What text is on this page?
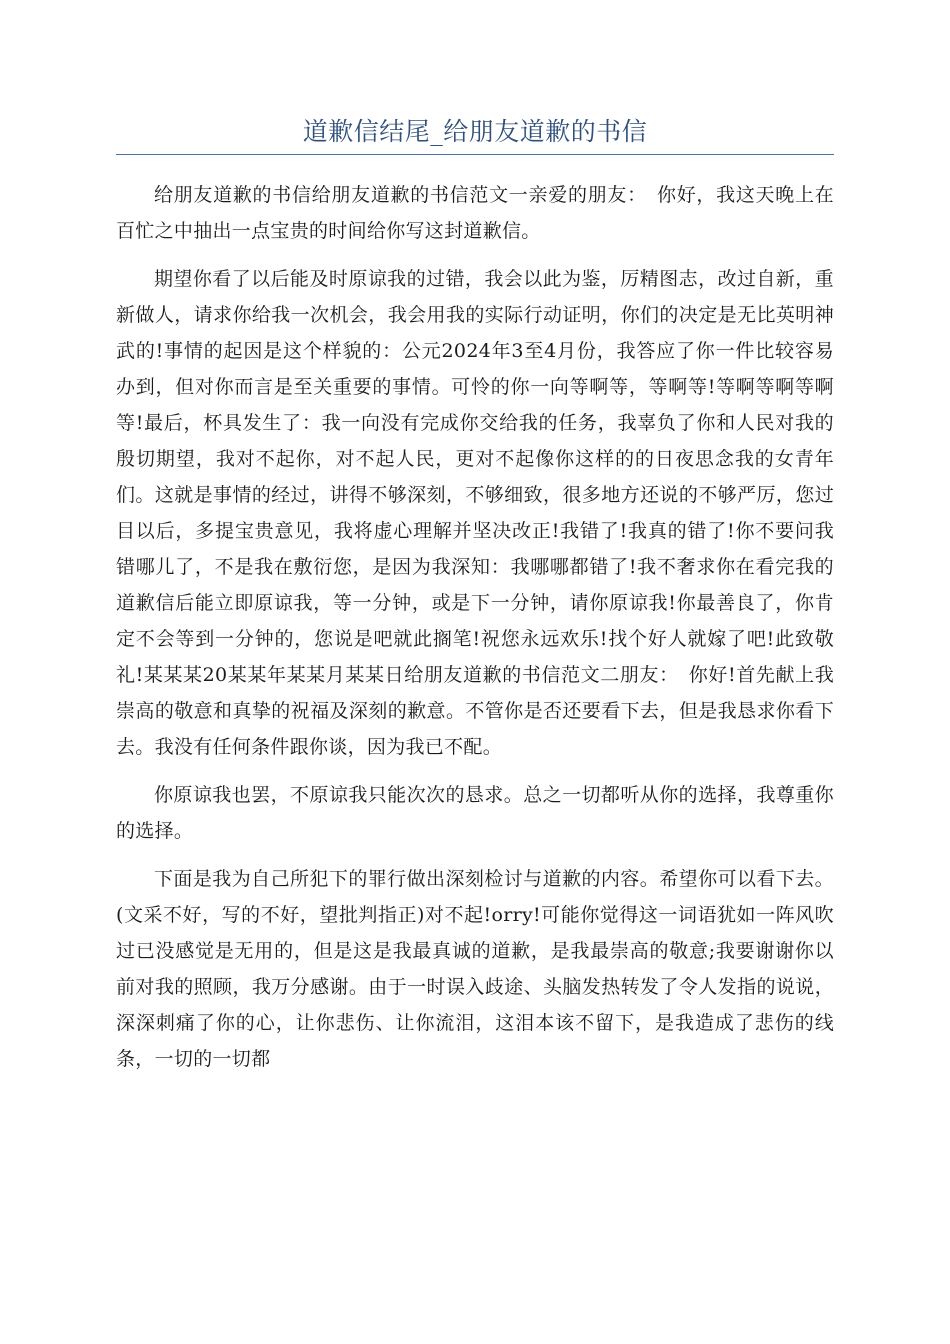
道歉信结尾_给朋友道歉的书信

给朋友道歉的书信给朋友道歉的书信范文一亲爱的朋友：　你好，我这天晚上在百忙之中抽出一点宝贵的时间给你写这封道歉信。

期望你看了以后能及时原谅我的过错，我会以此为鉴，厉精图志，改过自新，重新做人，请求你给我一次机会，我会用我的实际行动证明，你们的决定是无比英明神武的!事情的起因是这个样貌的：公元2024年3至4月份，我答应了你一件比较容易办到，但对你而言是至关重要的事情。可怜的你一向等啊等，等啊等!等啊等啊等啊等!最后，杯具发生了：我一向没有完成你交给我的任务，我辜负了你和人民对我的殷切期望，我对不起你，对不起人民，更对不起像你这样的的日夜思念我的女青年们。这就是事情的经过，讲得不够深刻，不够细致，很多地方还说的不够严厉，您过目以后，多提宝贵意见，我将虚心理解并坚决改正!我错了!我真的错了!你不要问我错哪儿了，不是我在敷衍您，是因为我深知：我哪哪都错了!我不奢求你在看完我的道歉信后能立即原谅我，等一分钟，或是下一分钟，请你原谅我!你最善良了，你肯定不会等到一分钟的，您说是吧就此搁笔!祝您永远欢乐!找个好人就嫁了吧!此致敬礼!某某某20某某年某某月某某日给朋友道歉的书信范文二朋友：　你好!首先献上我崇高的敬意和真挚的祝福及深刻的歉意。不管你是否还要看下去，但是我恳求你看下去。我没有任何条件跟你谈，因为我已不配。

你原谅我也罢，不原谅我只能次次的恳求。总之一切都听从你的选择，我尊重你的选择。

下面是我为自己所犯下的罪行做出深刻检讨与道歉的内容。希望你可以看下去。(文采不好，写的不好，望批判指正)对不起!orry!可能你觉得这一词语犹如一阵风吹过已没感觉是无用的，但是这是我最真诚的道歉，是我最崇高的敬意;我要谢谢你以前对我的照顾，我万分感谢。由于一时误入歧途、头脑发热转发了令人发指的说说，深深刺痛了你的心，让你悲伤、让你流泪，这泪本该不留下，是我造成了悲伤的线条，一切的一切都
